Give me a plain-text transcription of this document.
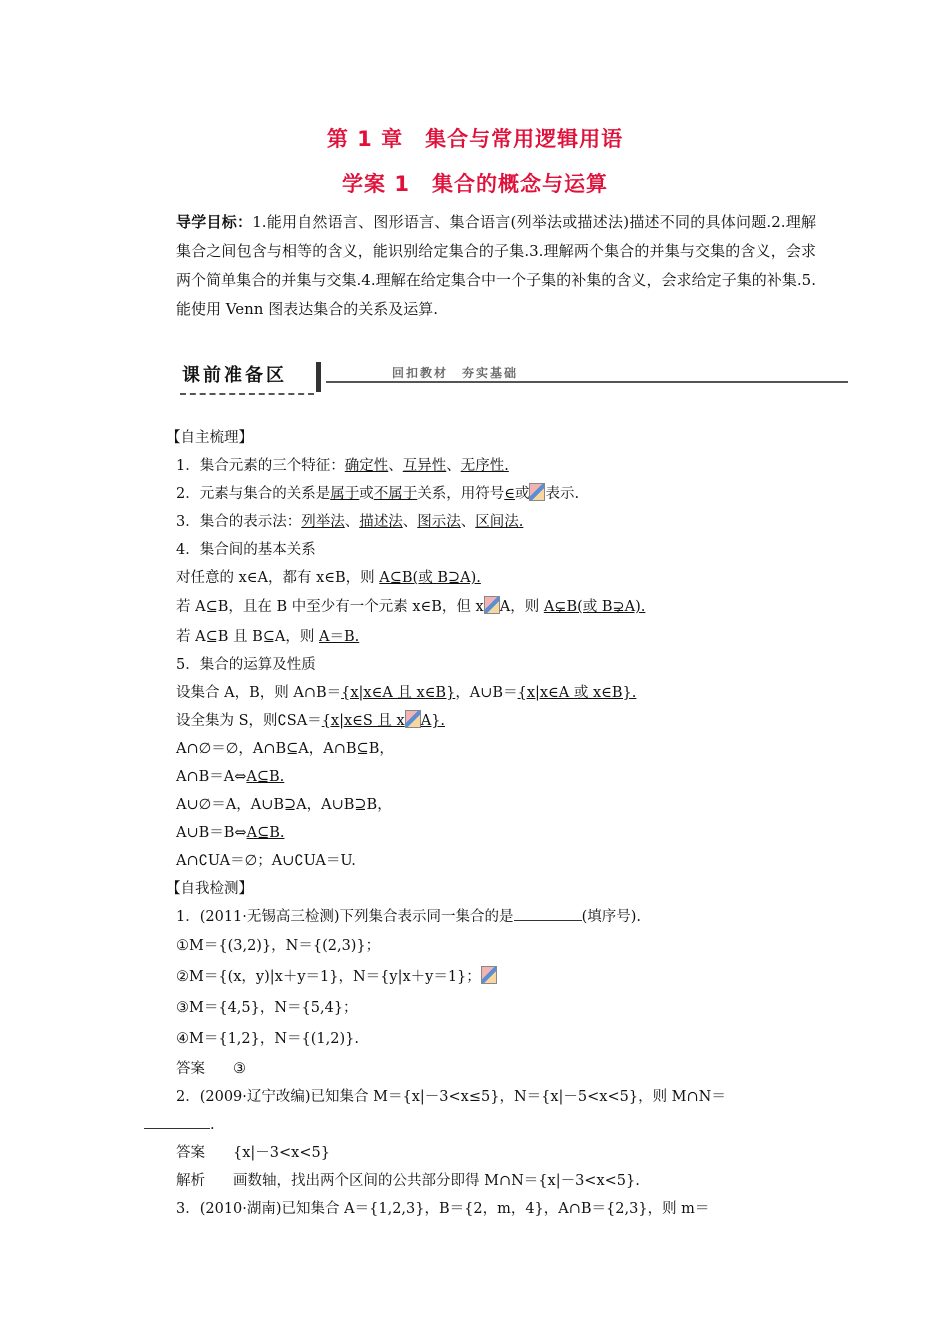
第 1 章　集合与常用逻辑用语
学案 1　集合的概念与运算
导学目标：1.能用自然语言、图形语言、集合语言(列举法或描述法)描述不同的具体问题.2.理解集合之间包含与相等的含义，能识别给定集合的子集.3.理解两个集合的并集与交集的含义，会求两个简单集合的并集与交集.4.理解在给定集合中一个子集的补集的含义，会求给定子集的补集.5.能使用 Venn 图表达集合的关系及运算.
课前准备区	回扣教材　夯实基础
【自主梳理】
1．集合元素的三个特征：确定性、互异性、无序性.
2．元素与集合的关系是属于或不属于关系，用符号∈或 表示.
3．集合的表示法：列举法、描述法、图示法、区间法.
4．集合间的基本关系
对任意的 x∈A，都有 x∈B，则 A⊆B(或 B⊇A).
若 A⊆B，且在 B 中至少有一个元素 x∈B，但 x A，则 A⊊B(或 B⊋A).
若 A⊆B 且 B⊆A，则 A＝B.
5．集合的运算及性质
设集合 A，B，则 A∩B＝{x|x∈A 且 x∈B}，A∪B＝{x|x∈A 或 x∈B}.
设全集为 S，则∁SA＝{x|x∈S 且 x A}.
A∩∅＝∅，A∩B⊆A，A∩B⊆B，
A∩B＝A⇔A⊆B.
A∪∅＝A，A∪B⊇A，A∪B⊇B，
A∪B＝B⇔A⊆B.
A∩∁UA＝∅；A∪∁UA＝U.
【自我检测】
1．(2011·无锡高三检测)下列集合表示同一集合的是	(填序号).
①M＝{(3,2)}，N＝{(2,3)}；
②M＝{(x，y)|x＋y＝1}，N＝{y|x＋y＝1}；
③M＝{4,5}，N＝{5,4}；
④M＝{1,2}，N＝{(1,2)}.
答案 ③
2．(2009·辽宁改编)已知集合 M＝{x|－3<x≤5}，N＝{x|－5<x<5}，则 M∩N＝
.
答案 {x|－3<x<5}
解析 画数轴，找出两个区间的公共部分即得 M∩N＝{x|－3<x<5}.
3．(2010·湖南)已知集合 A＝{1,2,3}，B＝{2，m，4}，A∩B＝{2,3}，则 m＝
